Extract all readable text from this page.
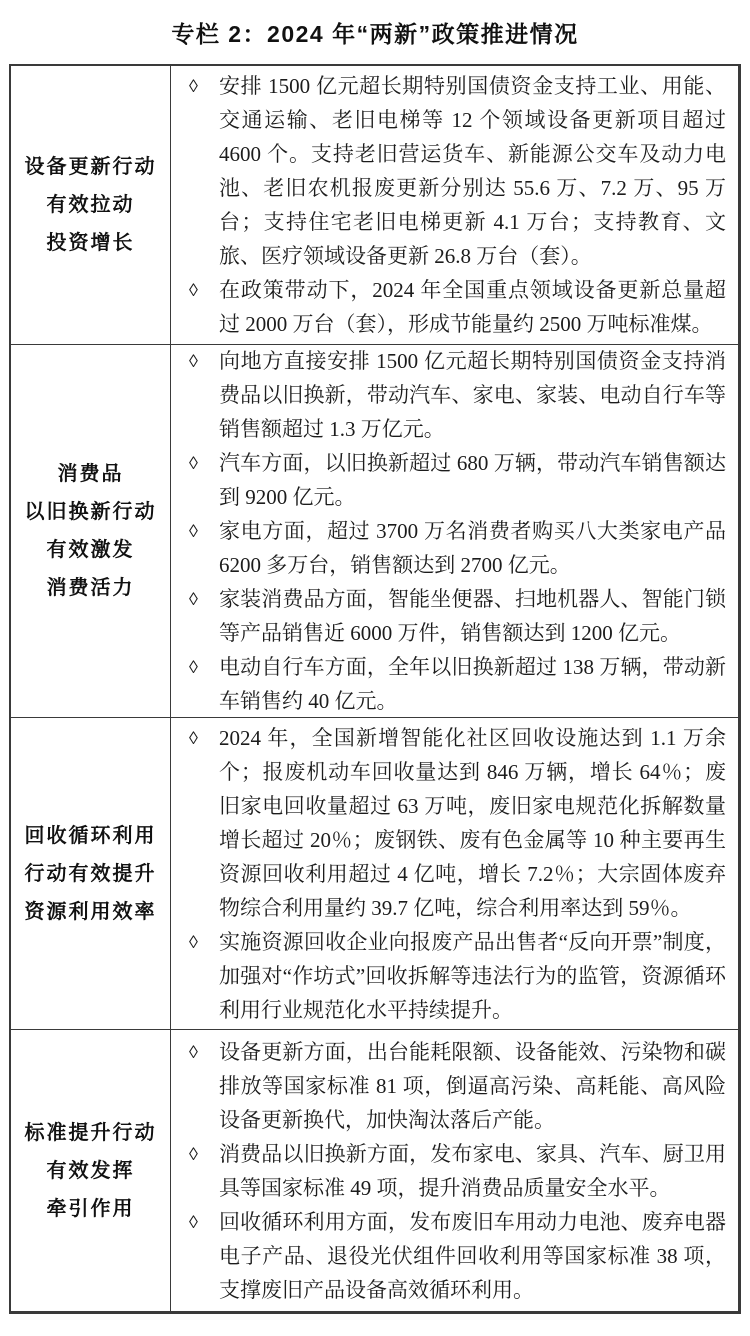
专栏 2：2024 年“两新”政策推进情况
设备更新行动
有效拉动
投资增长
◊ 安排 1500 亿元超长期特别国债资金支持工业、用能、交通运输、老旧电梯等 12 个领域设备更新项目超过 4600 个。支持老旧营运货车、新能源公交车及动力电池、老旧农机报废更新分别达 55.6 万、7.2 万、95 万台；支持住宅老旧电梯更新 4.1 万台；支持教育、文旅、医疗领域设备更新 26.8 万台（套）。
◊ 在政策带动下，2024 年全国重点领域设备更新总量超过 2000 万台（套），形成节能量约 2500 万吨标准煤。
消费品
以旧换新行动
有效激发
消费活力
◊ 向地方直接安排 1500 亿元超长期特别国债资金支持消费品以旧换新，带动汽车、家电、家装、电动自行车等销售额超过 1.3 万亿元。
◊ 汽车方面，以旧换新超过 680 万辆，带动汽车销售额达到 9200 亿元。
◊ 家电方面，超过 3700 万名消费者购买八大类家电产品 6200 多万台，销售额达到 2700 亿元。
◊ 家装消费品方面，智能坐便器、扫地机器人、智能门锁等产品销售近 6000 万件，销售额达到 1200 亿元。
◊ 电动自行车方面，全年以旧换新超过 138 万辆，带动新车销售约 40 亿元。
回收循环利用
行动有效提升
资源利用效率
◊ 2024 年，全国新增智能化社区回收设施达到 1.1 万余个；报废机动车回收量达到 846 万辆，增长 64％；废旧家电回收量超过 63 万吨，废旧家电规范化拆解数量增长超过 20％；废钢铁、废有色金属等 10 种主要再生资源回收利用超过 4 亿吨，增长 7.2％；大宗固体废弃物综合利用量约 39.7 亿吨，综合利用率达到 59％。
◊ 实施资源回收企业向报废产品出售者“反向开票”制度，加强对“作坊式”回收拆解等违法行为的监管，资源循环利用行业规范化水平持续提升。
标准提升行动
有效发挥
牵引作用
◊ 设备更新方面，出台能耗限额、设备能效、污染物和碳排放等国家标准 81 项，倒逼高污染、高耗能、高风险设备更新换代，加快淘汰落后产能。
◊ 消费品以旧换新方面，发布家电、家具、汽车、厨卫用具等国家标准 49 项，提升消费品质量安全水平。
◊ 回收循环利用方面，发布废旧车用动力电池、废弃电器电子产品、退役光伏组件回收利用等国家标准 38 项，支撑废旧产品设备高效循环利用。
